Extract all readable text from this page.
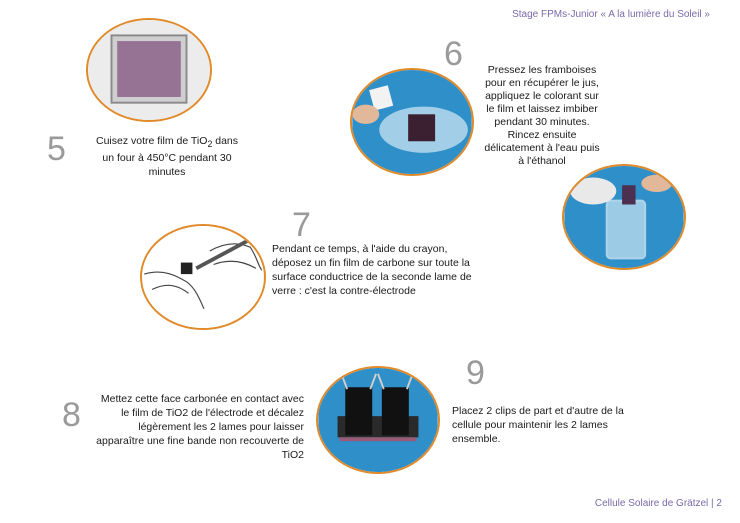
Stage FPMs-Junior « A la lumière du Soleil »
5	Cuisez votre film de TiO$_2$ dans un four à 450°C pendant 30 minutes
6	Pressez les framboises pour en récupérer le jus, appliquez le colorant sur le film et laissez imbiber pendant 30 minutes. Rincez ensuite délicatement à l'eau puis à l'éthanol
7
Pendant ce temps, à l'aide du crayon, déposez un fin film de carbone sur toute la surface conductrice de la seconde lame de verre : c'est la contre-électrode
8	Mettez cette face carbonée en contact avec le film de TiO2 de l'électrode et décalez légèrement les 2 lames pour laisser apparaître une fine bande non recouverte de TiO2
9
Placez 2 clips de part et d'autre de la cellule pour maintenir les 2 lames ensemble.
Cellule Solaire de Grätzel | 2
